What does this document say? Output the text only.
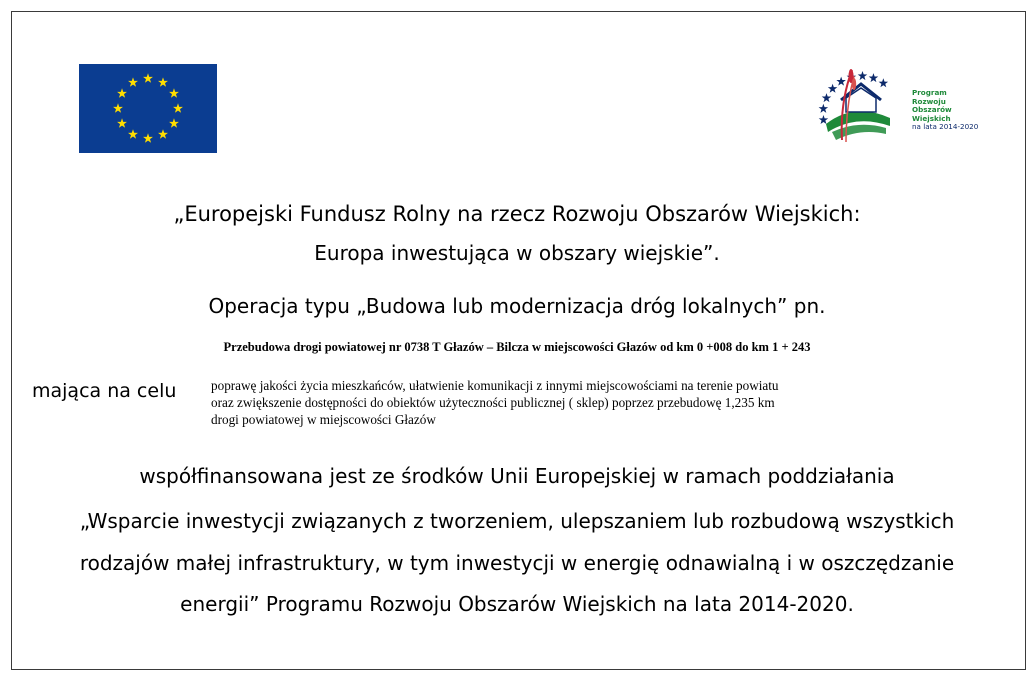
Program
Rozwoju
Obszarów
Wiejskich
na lata 2014-2020
„Europejski Fundusz Rolny na rzecz Rozwoju Obszarów Wiejskich:
Europa inwestująca w obszary wiejskie”.
Operacja typu „Budowa lub modernizacja dróg lokalnych” pn.
Przebudowa drogi powiatowej nr 0738 T Głazów – Bilcza w miejscowości Głazów od km 0 +008 do km 1 + 243
mająca na celu	poprawę jakości życia mieszkańców, ułatwienie komunikacji z innymi miejscowościami na terenie powiatu
oraz zwiększenie dostępności do obiektów użyteczności publicznej ( sklep) poprzez przebudowę 1,235 km
drogi powiatowej w miejscowości Głazów
współfinansowana jest ze środków Unii Europejskiej w ramach poddziałania
„Wsparcie inwestycji związanych z tworzeniem, ulepszaniem lub rozbudową wszystkich
rodzajów małej infrastruktury, w tym inwestycji w energię odnawialną i w oszczędzanie
energii” Programu Rozwoju Obszarów Wiejskich na lata 2014-2020.
